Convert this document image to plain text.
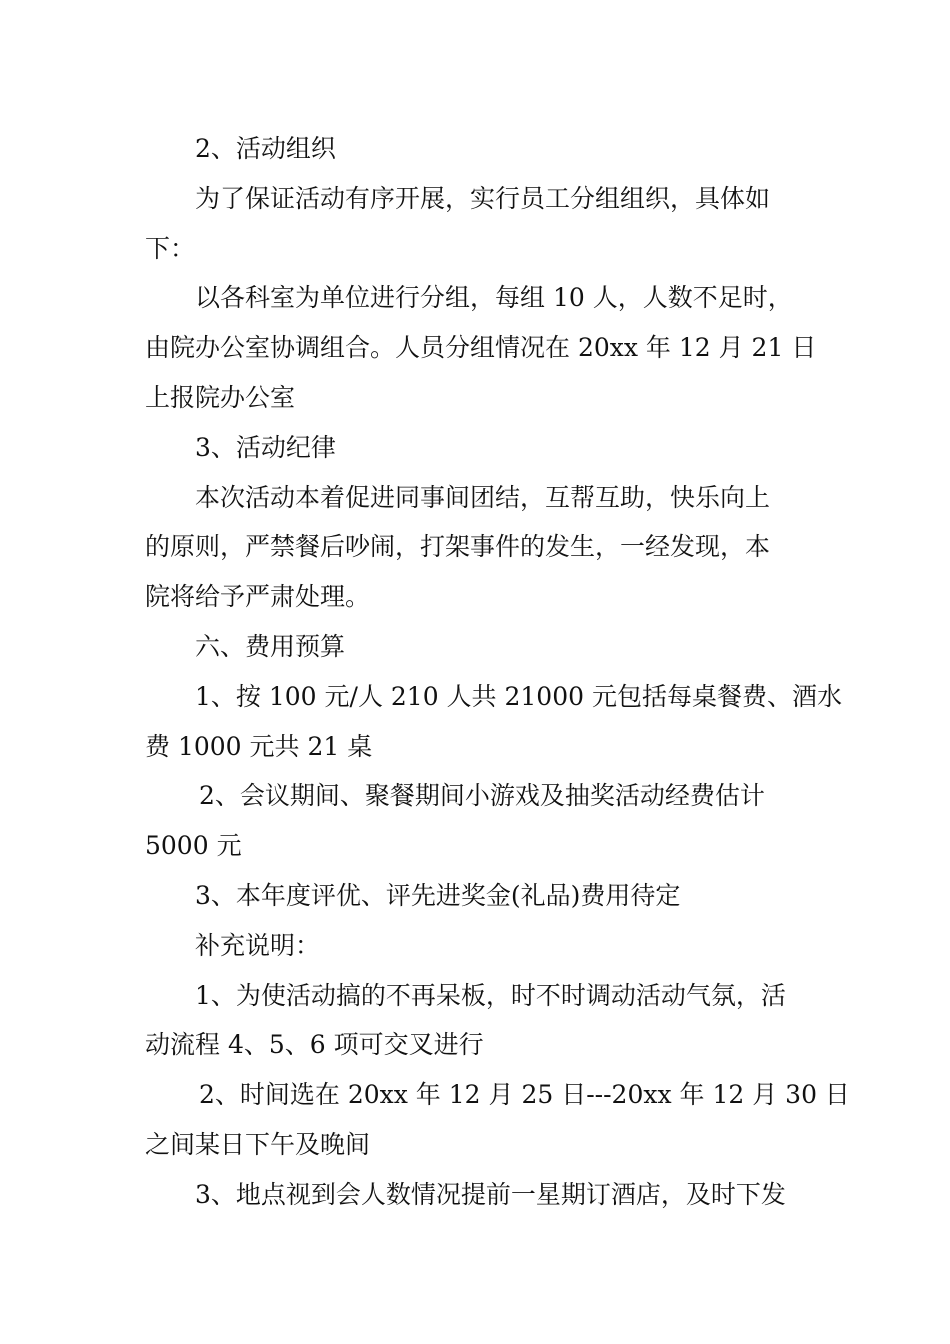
2、活动组织

为了保证活动有序开展，实行员工分组组织，具体如
下：

以各科室为单位进行分组，每组 10 人，人数不足时，
由院办公室协调组合。人员分组情况在 20xx 年 12 月 21 日
上报院办公室

3、活动纪律

本次活动本着促进同事间团结，互帮互助，快乐向上
的原则，严禁餐后吵闹，打架事件的发生，一经发现，本
院将给予严肃处理。

六、费用预算

1、按 100 元/人 210 人共 21000 元包括每桌餐费、酒水
费 1000 元共 21 桌

2、会议期间、聚餐期间小游戏及抽奖活动经费估计
5000 元

3、本年度评优、评先进奖金(礼品)费用待定

补充说明：

1、为使活动搞的不再呆板，时不时调动活动气氛，活
动流程 4、5、6 项可交叉进行

2、时间选在 20xx 年 12 月 25 日---20xx 年 12 月 30 日
之间某日下午及晚间

3、地点视到会人数情况提前一星期订酒店，及时下发
